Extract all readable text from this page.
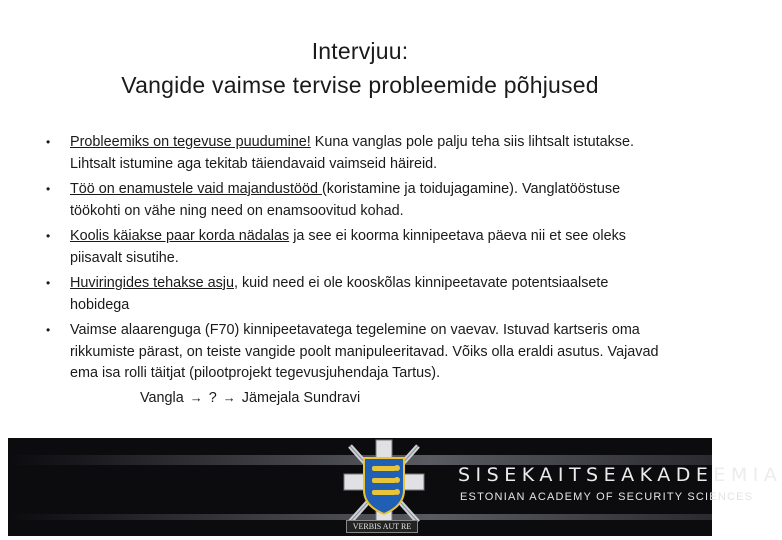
Intervjuu:
Vangide vaimse tervise probleemide põhjused
• Probleemiks on tegevuse puudumine! Kuna vanglas pole palju teha siis lihtsalt istutakse. Lihtsalt istumine aga tekitab täiendavaid vaimseid häireid.
• Töö on enamustele vaid majandustööd (koristamine ja toidujagamine). Vanglatööstuse töökohti on vähe ning need on enamsoovitud kohad.
• Koolis käiakse paar korda nädalas ja see ei koorma kinnipeetava päeva nii et see oleks piisavalt sisutihe.
• Huviringides tehakse asju, kuid need ei ole kooskõlas kinnipeetavate potentsiaalsete hobidega
• Vaimse alaarenguga (F70) kinnipeetavatega tegelemine on vaevav. Istuvad kartseris oma rikkumiste pärast, on teiste vangide poolt manipuleeritavad. Võiks olla eraldi asutus. Vajavad ema isa rolli täitjat (pilootprojekt tegevusjuhendaja Tartus).
Vangla → ? → Jämejala Sundravi
VERBIS AUT RE
SISEKAITSEAKADEEMIA
ESTONIAN ACADEMY OF SECURITY SCIENCES
